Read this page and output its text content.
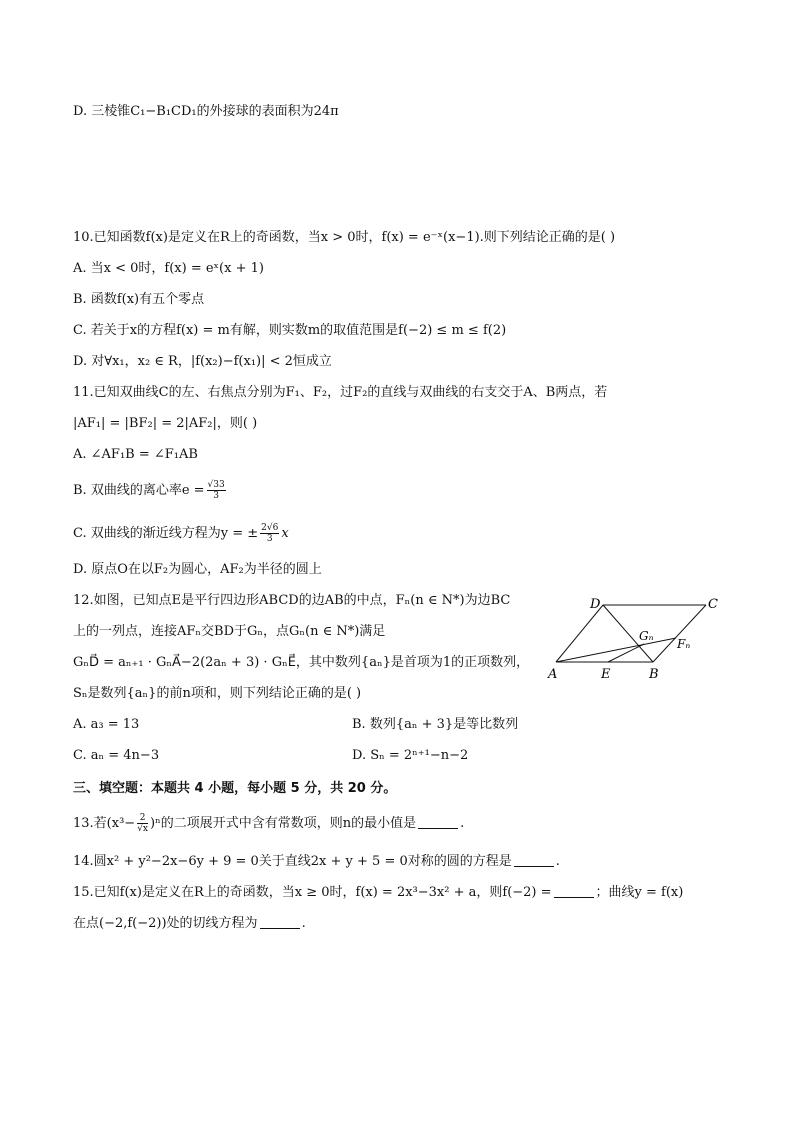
D. 三棱锥C₁−B₁CD₁的外接球的表面积为24π
10.已知函数f(x)是定义在R上的奇函数，当x > 0时，f(x) = e⁻ˣ(x−1).则下列结论正确的是( )
A. 当x < 0时，f(x) = eˣ(x + 1)
B. 函数f(x)有五个零点
C. 若关于x的方程f(x) = m有解，则实数m的取值范围是f(−2) ≤ m ≤ f(2)
D. 对∀x₁，x₂ ∈ R，|f(x₂)−f(x₁)| < 2恒成立
11.已知双曲线C的左、右焦点分别为F₁、F₂，过F₂的直线与双曲线的右支交于A、B两点，若
|AF₁| = |BF₂| = 2|AF₂|，则( )
A. ∠AF₁B = ∠F₁AB
B. 双曲线的离心率$e = \frac{√33}{3}$
C. 双曲线的渐近线方程为y = ± $\frac{2√6}{3}$ x
D. 原点O在以F₂为圆心，AF₂为半径的圆上
12.如图，已知点E是平行四边形ABCD的边AB的中点，Fₙ(n ∈ N*)为边BC
上的一列点，连接AFₙ交BD于Gₙ，点Gₙ(n ∈ N*)满足
GₙD⃗ = aₙ₊₁ · GₙA⃗−2(2aₙ + 3) · GₙE⃗，其中数列{aₙ}是首项为1的正项数列，
Sₙ是数列{aₙ}的前n项和，则下列结论正确的是( )
A. a₃ = 13	B. 数列{aₙ + 3}是等比数列
C. aₙ = 4n−3	D. Sₙ = 2ⁿ⁺¹−n−2
三、填空题：本题共 4 小题，每小题 5 分，共 20 分。
13.若$(x^3- \frac{2}{√x} )^n$的二项展开式中含有常数项，则n的最小值是	.
14.圆x² + y²−2x−6y + 9 = 0关于直线2x + y + 5 = 0对称的圆的方程是	.
15.已知f(x)是定义在R上的奇函数，当x ≥ 0时，f(x) = 2x³−3x² + a，则f(−2) =	；曲线y = f(x)
在点(−2,f(−2))处的切线方程为	.
A	E	B
D	C
Gₙ
Fₙ
